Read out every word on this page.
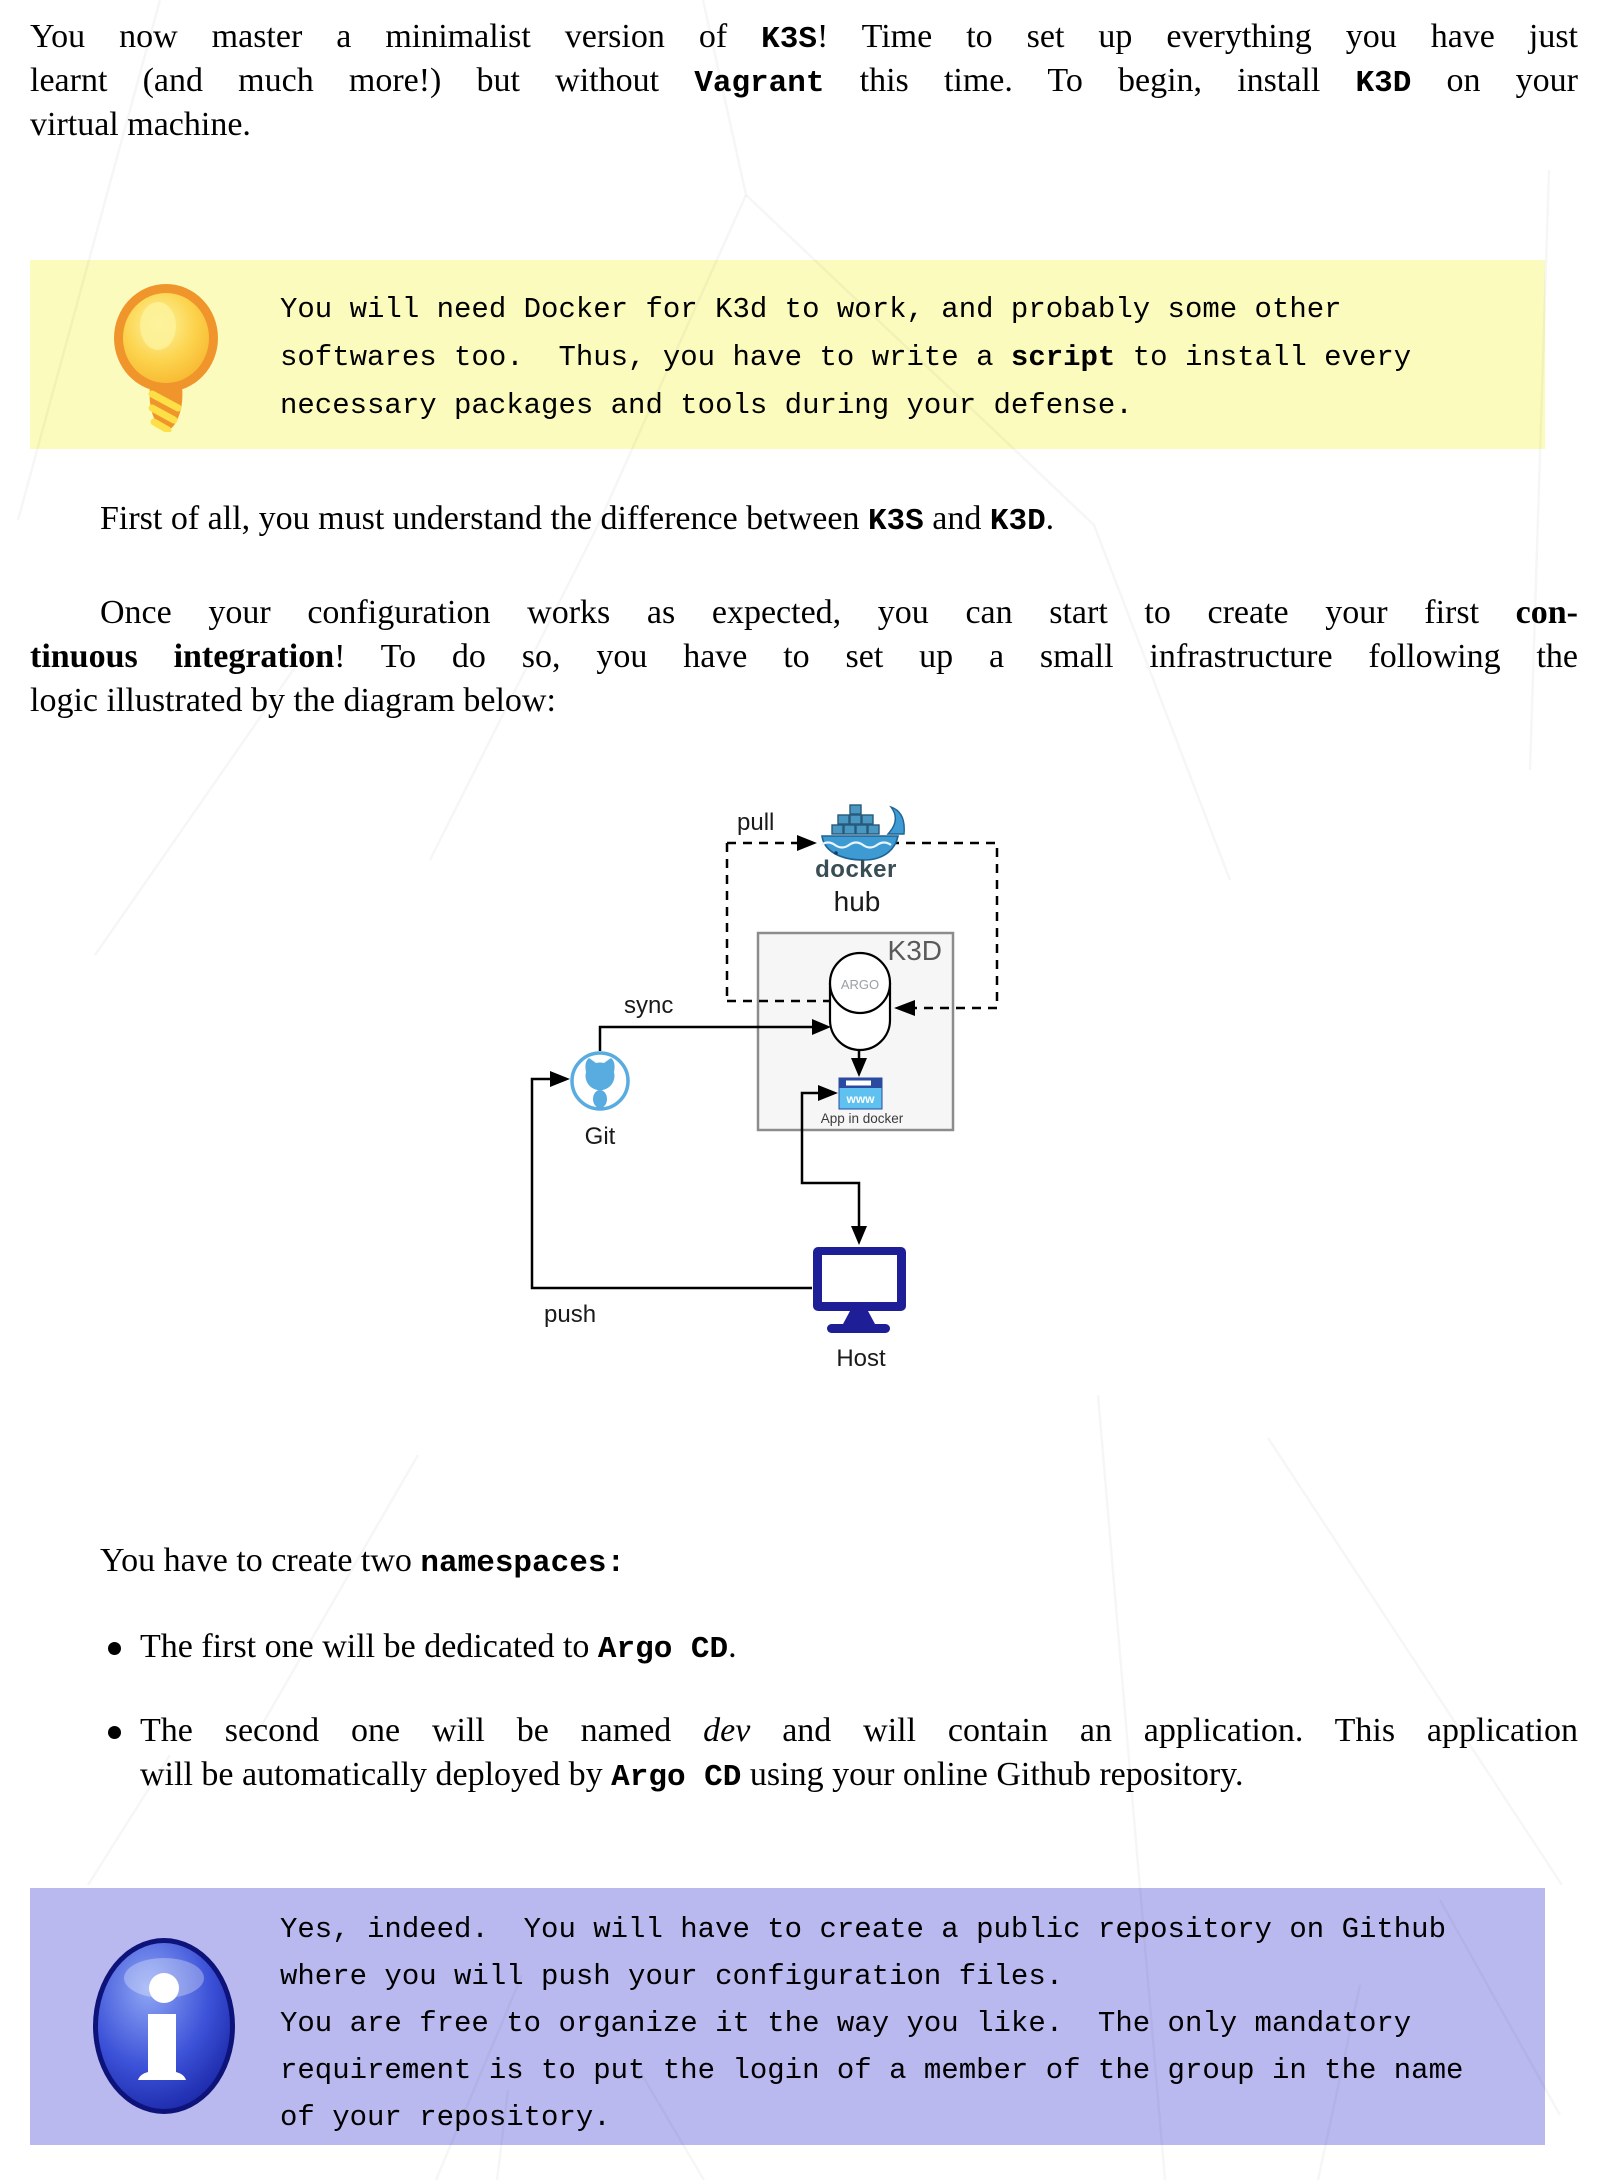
You now master a minimalist version of K3S! Time to set up everything you have just
learnt (and much more!) but without Vagrant this time. To begin, install K3D on your
virtual machine.
You will need Docker for K3d to work, and probably some other
softwares too.  Thus, you have to write a script to install every
necessary packages and tools during your defense.
First of all, you must understand the difference between K3S and K3D.
Once your configuration works as expected, you can start to create your first con-
tinuous integration! To do so, you have to set up a small infrastructure following the
logic illustrated by the diagram below:
ARGO
www
App in docker
docker
hub
pull
K3D
sync
Git
push
Host
You have to create two namespaces:
The first one will be dedicated to Argo CD.
The second one will be named dev and will contain an application. This application
will be automatically deployed by Argo CD using your online Github repository.
Yes, indeed.  You will have to create a public repository on Github
where you will push your configuration files.
You are free to organize it the way you like.  The only mandatory
requirement is to put the login of a member of the group in the name
of your repository.
